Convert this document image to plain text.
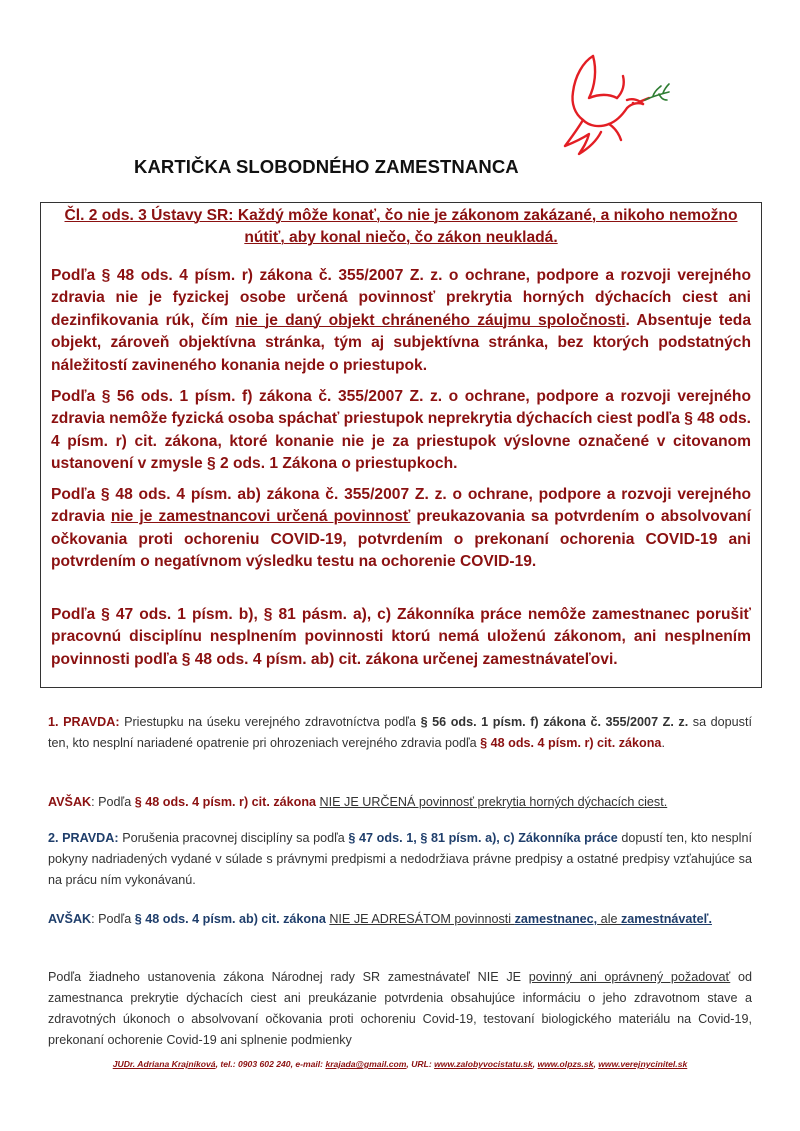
KARTIČKA SLOBODNÉHO ZAMESTNANCA

Čl. 2 ods. 3 Ústavy SR: Každý môže konať, čo nie je zákonom zakázané, a nikoho nemožno nútiť, aby konal niečo, čo zákon neukladá.

Podľa § 48 ods. 4 písm. r) zákona č. 355/2007 Z. z. o ochrane, podpore a rozvoji verejného zdravia nie je fyzickej osobe určená povinnosť prekrytia horných dýchacích ciest ani dezinfikovania rúk, čím nie je daný objekt chráneného záujmu spoločnosti. Absentuje teda objekt, zároveň objektívna stránka, tým aj subjektívna stránka, bez ktorých podstatných náležitostí zavineného konania nejde o priestupok.

Podľa § 56 ods. 1 písm. f) zákona č. 355/2007 Z. z. o ochrane, podpore a rozvoji verejného zdravia nemôže fyzická osoba spáchať priestupok neprekrytia dýchacích ciest podľa § 48 ods. 4 písm. r) cit. zákona, ktoré konanie nie je za priestupok výslovne označené v citovanom ustanovení v zmysle § 2 ods. 1 Zákona o priestupkoch.

Podľa § 48 ods. 4 písm. ab) zákona č. 355/2007 Z. z. o ochrane, podpore a rozvoji verejného zdravia nie je zamestnancovi určená povinnosť preukazovania sa potvrdením o absolvovaní očkovania proti ochoreniu COVID-19, potvrdením o prekonaní ochorenia COVID-19 ani potvrdením o negatívnom výsledku testu na ochorenie COVID-19.

Podľa § 47 ods. 1 písm. b), § 81 pásm. a), c) Zákonníka práce nemôže zamestnanec porušiť pracovnú disciplínu nesplnením povinnosti ktorú nemá uloženú zákonom, ani nesplnením povinnosti podľa § 48 ods. 4 písm. ab) cit. zákona určenej zamestnávateľovi.

1. PRAVDA: Priestupku na úseku verejného zdravotníctva podľa § 56 ods. 1 písm. f) zákona č. 355/2007 Z. z. sa dopustí ten, kto nesplní nariadené opatrenie pri ohrozeniach verejného zdravia podľa § 48 ods. 4 písm. r) cit. zákona.

AVŠAK: Podľa § 48 ods. 4 písm. r) cit. zákona NIE JE URČENÁ povinnosť prekrytia horných dýchacích ciest.

2. PRAVDA: Porušenia pracovnej disciplíny sa podľa § 47 ods. 1, § 81 písm. a), c) Zákonníka práce dopustí ten, kto nesplní pokyny nadriadených vydané v súlade s právnymi predpismi a nedodržiava právne predpisy a ostatné predpisy vzťahujúce sa na prácu ním vykonávanú.

AVŠAK: Podľa § 48 ods. 4 písm. ab) cit. zákona NIE JE ADRESÁTOM povinnosti zamestnanec, ale zamestnávateľ.

Podľa žiadneho ustanovenia zákona Národnej rady SR zamestnávateľ NIE JE povinný ani oprávnený požadovať od zamestnanca prekrytie dýchacích ciest ani preukázanie potvrdenia obsahujúce informáciu o jeho zdravotnom stave a zdravotných úkonoch o absolvovaní očkovania proti ochoreniu Covid-19, testovaní biologického materiálu na Covid-19, prekonaní ochorenie Covid-19 ani splnenie podmienky

JUDr. Adriana Krajníková, tel.: 0903 602 240, e-mail: krajada@gmail.com, URL: www.zalobyvocistatu.sk, www.olpzs.sk, www.verejnycinitel.sk
